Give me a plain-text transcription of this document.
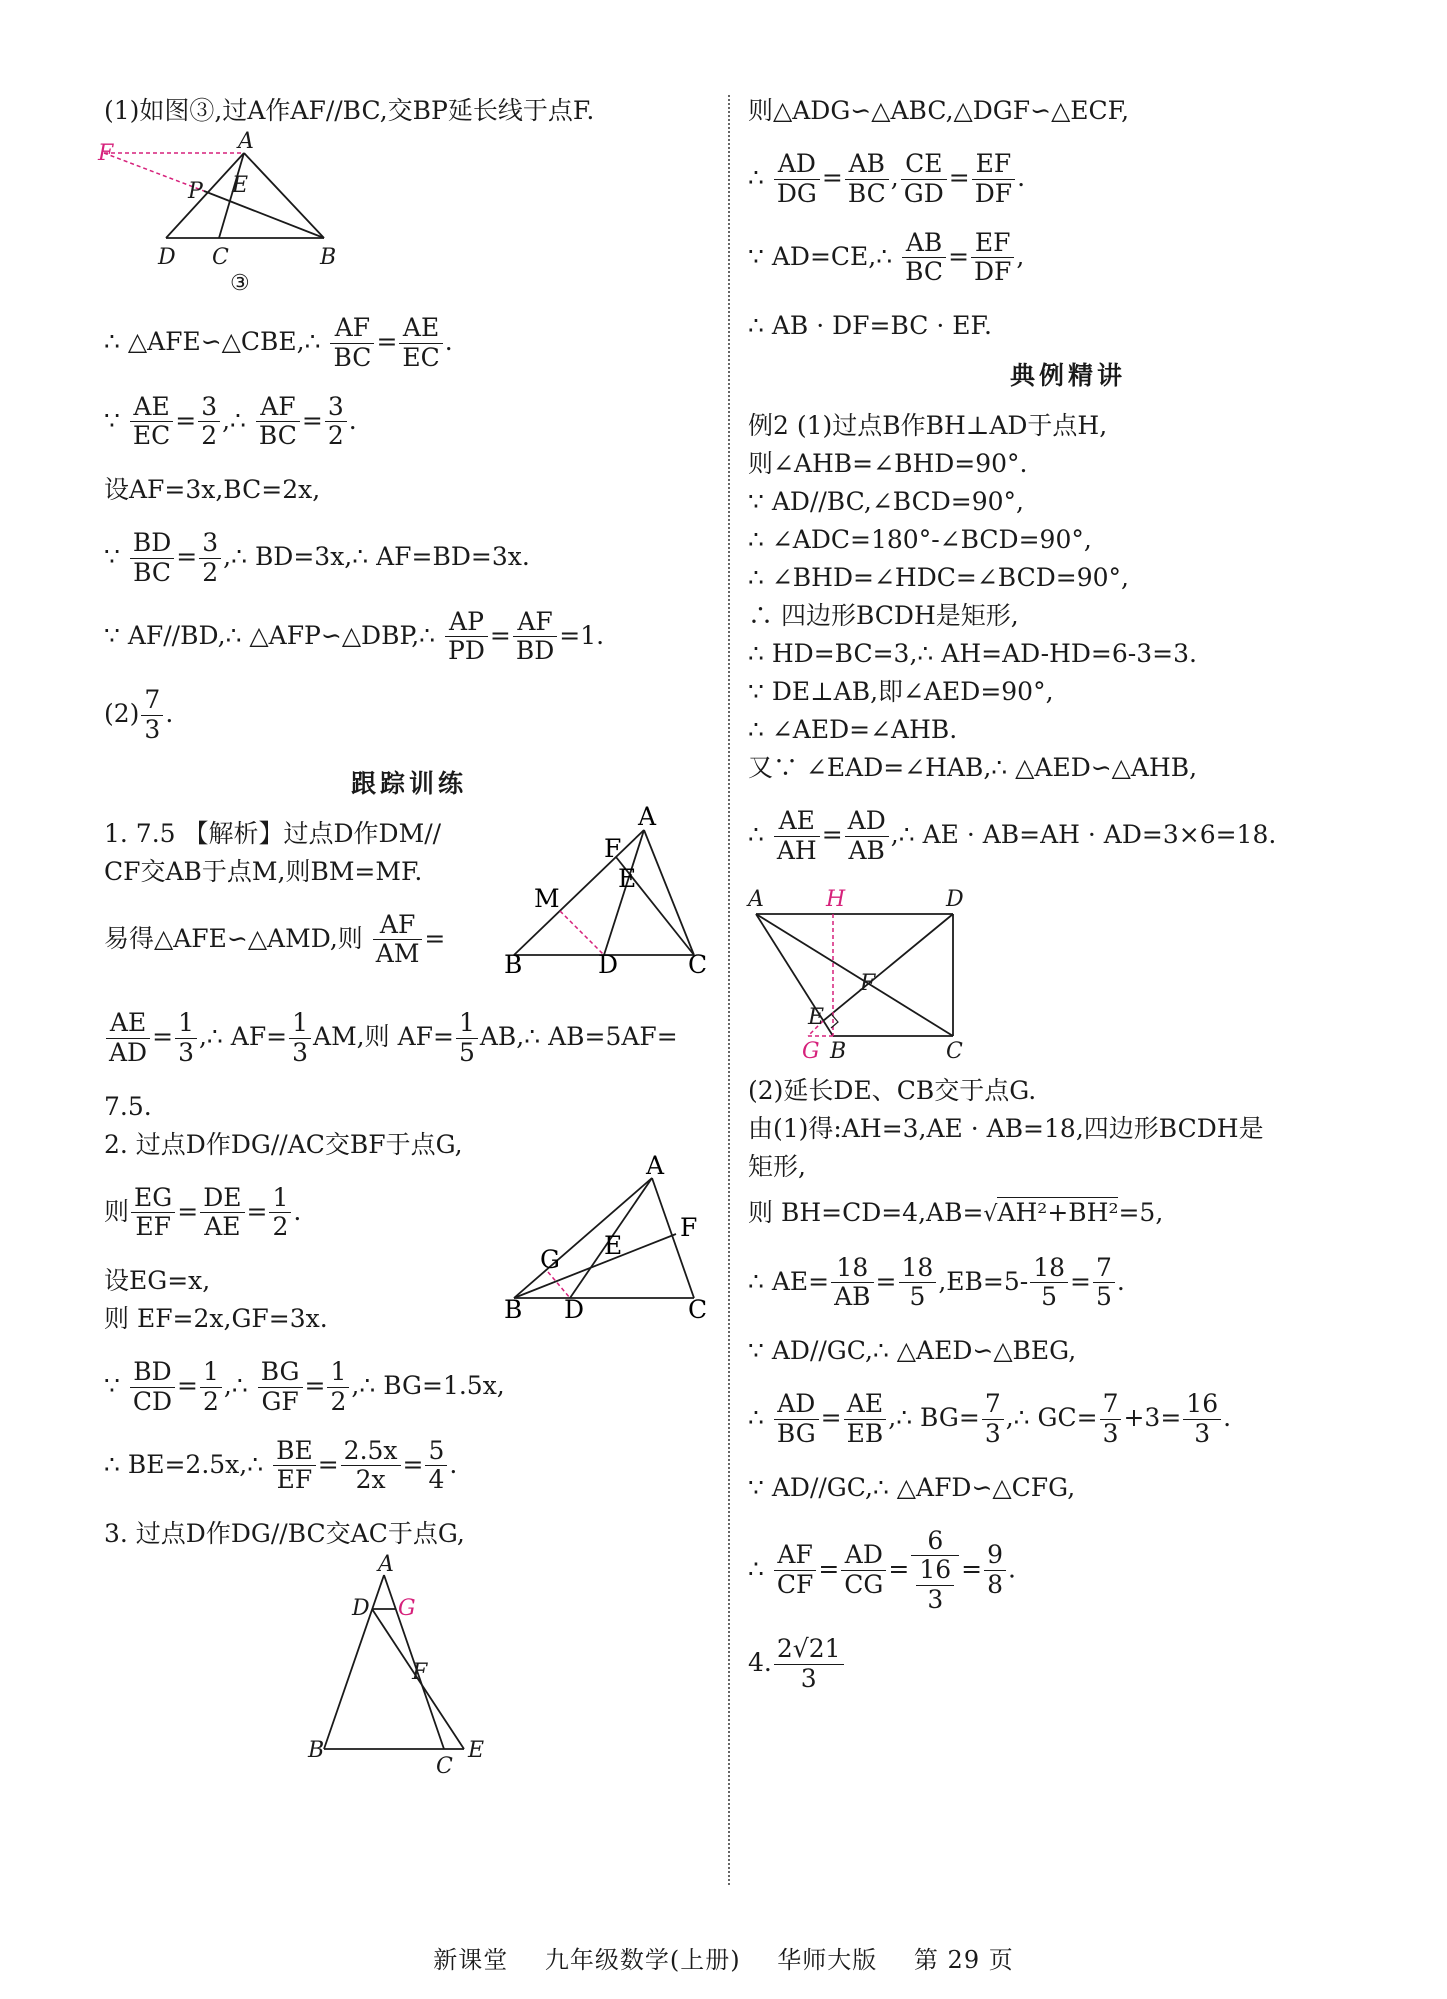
(1)如图③,过A作AF//BC,交BP延长线于点F.
F	A
P E
D C	B
③
∴ △AFE∽△CBE,∴ $\frac{AF}{BC} = \frac{AE}{EC}$ .
∵ $\frac{AE}{EC} = \frac{3}{2}$ ,∴ $\frac{AF}{BC} = \frac{3}{2}$ .
设AF=3x,BC=2x,
∵ $\frac{BD}{BC} = \frac{3}{2}$ ,∴ BD=3x,∴ AF=BD=3x.
∵ AF//BD,∴ △AFP∽△DBP,∴ $\frac{AP}{PD} = \frac{AF}{BD} =1$.
$(2) \frac{7}{3}$ .
跟踪训练
A
F
E
M
B	D	C
1. 7.5 【解析】过点D作DM//
CF交AB于点M,则BM=MF.
易得△AFE∽△AMD,则 $\frac{AF}{AM}$ =
$\frac{AE}{AD} = \frac{1}{3}$ ,∴ $AF= \frac{1}{3}$ AM,则 $AF= \frac{1}{5}$ AB,∴ AB=5AF=
7.5.
2. 过点D作DG//AC交BF于点G,
A
F
E
G
B D	C
则 $\frac{EG}{EF} = \frac{DE}{AE} = \frac{1}{2}$ .
设EG=x,
则 EF=2x,GF=3x.
∵ $\frac{BD}{CD} = \frac{1}{2}$ ,∴ $\frac{BG}{GF} = \frac{1}{2}$ ,∴ BG=1.5x,
∴ BE=2.5x,∴ $\frac{BE}{EF} = \frac{2.5x}{2x} = \frac{5}{4}$ .
3. 过点D作DG//BC交AC于点G,
A
D G
F
B
C
E
则△ADG∽△ABC,△DGF∽△ECF,
∴ $\frac{AD}{DG} = \frac{AB}{BC}$ , $\frac{CE}{GD} = \frac{EF}{DF}$ .
∵ AD=CE,∴ $\frac{AB}{BC} = \frac{EF}{DF}$ ,
∴ AB · DF=BC · EF.
典例精讲
例2 (1)过点B作BH⊥AD于点H,
则∠AHB=∠BHD=90°.
∵ AD//BC,∠BCD=90°,
∴ ∠ADC=180°-∠BCD=90°,
∴ ∠BHD=∠HDC=∠BCD=90°,
∴ 四边形BCDH是矩形,
∴ HD=BC=3,∴ AH=AD-HD=6-3=3.
∵ DE⊥AB,即∠AED=90°,
∴ ∠AED=∠AHB.
又∵ ∠EAD=∠HAB,∴ △AED∽△AHB,
∴ $\frac{AE}{AH} = \frac{AD}{AB}$ ,∴ AE · AB=AH · AD=3×6=18.
A	H	D
F
E
G B	C
(2)延长DE、CB交于点G.
由(1)得:AH=3,AE · AB=18,四边形BCDH是
矩形,
则 BH=CD=4,AB=√AH²+BH²=5,
∴ $AE= \frac{18}{AB} = \frac{18}{5} ,EB=5- \frac{18}{5} = \frac{7}{5}$ .
∵ AD//GC,∴ △AED∽△BEG,
∴ $\frac{AD}{BG} = \frac{AE}{EB}$ ,∴ $BG= \frac{7}{3}$ ,∴ $GC= \frac{7}{3} +3= \frac{16}{3}$ .
∵ AD//GC,∴ △AFD∽△CFG,
∴ $\frac{AF}{CF} = \frac{AD}{CG} = \frac{6}{\frac{16}{3}} = \frac{9}{8}$ .
4. $\frac{2√21}{3}$
新课堂 九年级数学(上册) 华师大版 第 29 页
